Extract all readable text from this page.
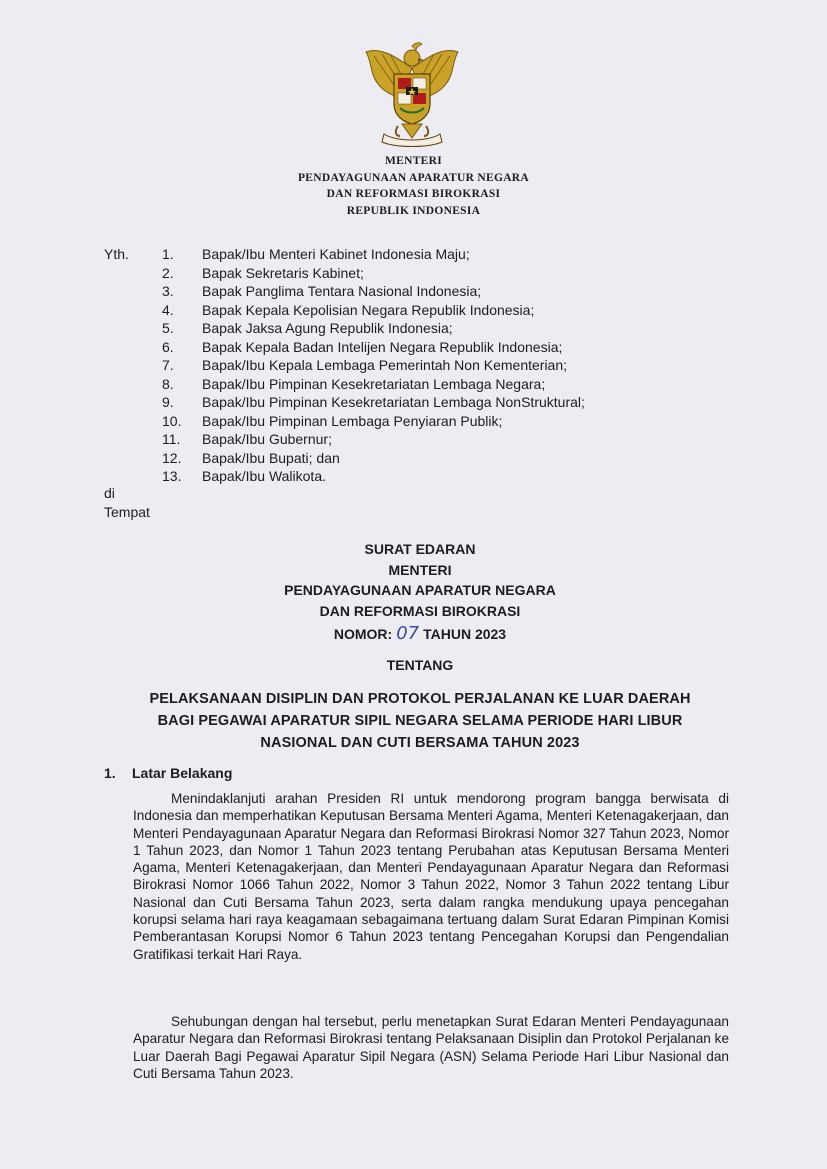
MENTERI
PENDAYAGUNAAN APARATUR NEGARA
DAN REFORMASI BIROKRASI
REPUBLIK INDONESIA
Yth. 1.	Bapak/Ibu Menteri Kabinet Indonesia Maju;
2.	Bapak Sekretaris Kabinet;
3.	Bapak Panglima Tentara Nasional Indonesia;
4.	Bapak Kepala Kepolisian Negara Republik Indonesia;
5.	Bapak Jaksa Agung Republik Indonesia;
6.	Bapak Kepala Badan Intelijen Negara Republik Indonesia;
7.	Bapak/Ibu Kepala Lembaga Pemerintah Non Kementerian;
8.	Bapak/Ibu Pimpinan Kesekretariatan Lembaga Negara;
9.	Bapak/Ibu Pimpinan Kesekretariatan Lembaga NonStruktural;
10.	Bapak/Ibu Pimpinan Lembaga Penyiaran Publik;
11.	Bapak/Ibu Gubernur;
12.	Bapak/Ibu Bupati; dan
13.	Bapak/Ibu Walikota.
di
Tempat
SURAT EDARAN
MENTERI
PENDAYAGUNAAN APARATUR NEGARA
DAN REFORMASI BIROKRASI
NOMOR: 07 TAHUN 2023
TENTANG
PELAKSANAAN DISIPLIN DAN PROTOKOL PERJALANAN KE LUAR DAERAH
BAGI PEGAWAI APARATUR SIPIL NEGARA SELAMA PERIODE HARI LIBUR
NASIONAL DAN CUTI BERSAMA TAHUN 2023
1. Latar Belakang
Menindaklanjuti arahan Presiden RI untuk mendorong program bangga berwisata di Indonesia dan memperhatikan Keputusan Bersama Menteri Agama, Menteri Ketenagakerjaan, dan Menteri Pendayagunaan Aparatur Negara dan Reformasi Birokrasi Nomor 327 Tahun 2023, Nomor 1 Tahun 2023, dan Nomor 1 Tahun 2023 tentang Perubahan atas Keputusan Bersama Menteri Agama, Menteri Ketenagakerjaan, dan Menteri Pendayagunaan Aparatur Negara dan Reformasi Birokrasi Nomor 1066 Tahun 2022, Nomor 3 Tahun 2022, Nomor 3 Tahun 2022 tentang Libur Nasional dan Cuti Bersama Tahun 2023, serta dalam rangka mendukung upaya pencegahan korupsi selama hari raya keagamaan sebagaimana tertuang dalam Surat Edaran Pimpinan Komisi Pemberantasan Korupsi Nomor 6 Tahun 2023 tentang Pencegahan Korupsi dan Pengendalian Gratifikasi terkait Hari Raya.
Sehubungan dengan hal tersebut, perlu menetapkan Surat Edaran Menteri Pendayagunaan Aparatur Negara dan Reformasi Birokrasi tentang Pelaksanaan Disiplin dan Protokol Perjalanan ke Luar Daerah Bagi Pegawai Aparatur Sipil Negara (ASN) Selama Periode Hari Libur Nasional dan Cuti Bersama Tahun 2023.
